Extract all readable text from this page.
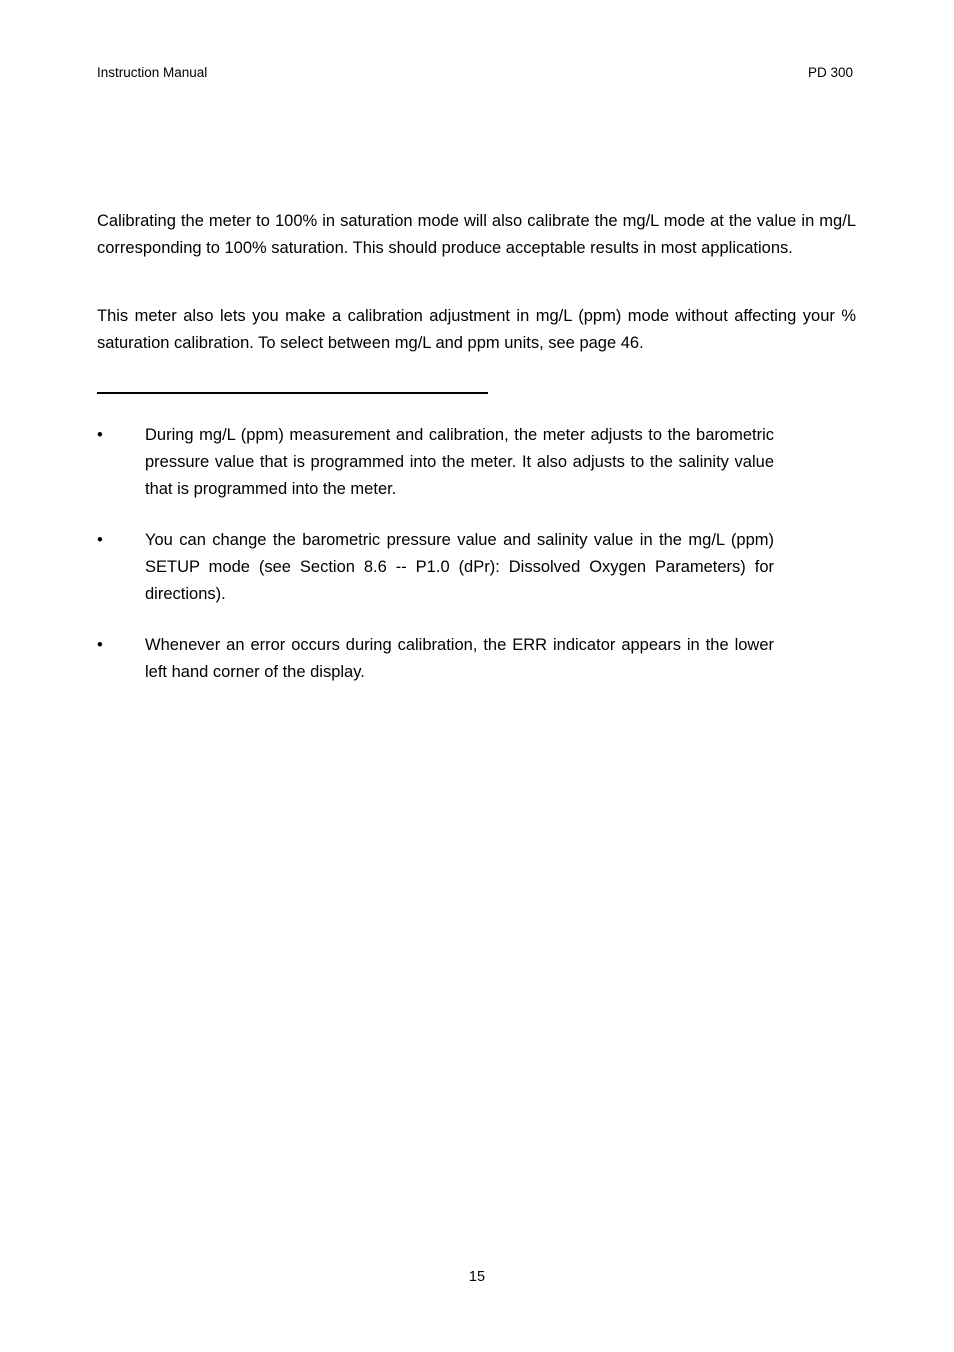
Instruction Manual	PD 300

Calibrating the meter to 100% in saturation mode will also calibrate the mg/L mode at the value in mg/L corresponding to 100% saturation. This should produce acceptable results in most applications.

This meter also lets you make a calibration adjustment in mg/L (ppm) mode without affecting your % saturation calibration. To select between mg/L and ppm units, see page 46.

•	During mg/L (ppm) measurement and calibration, the meter adjusts to the barometric pressure value that is programmed into the meter. It also adjusts to the salinity value that is programmed into the meter.
•	You can change the barometric pressure value and salinity value in the mg/L (ppm) SETUP mode (see Section 8.6 -- P1.0 (dPr): Dissolved Oxygen Parameters) for directions).
•	Whenever an error occurs during calibration, the ERR indicator appears in the lower left hand corner of the display.
15
